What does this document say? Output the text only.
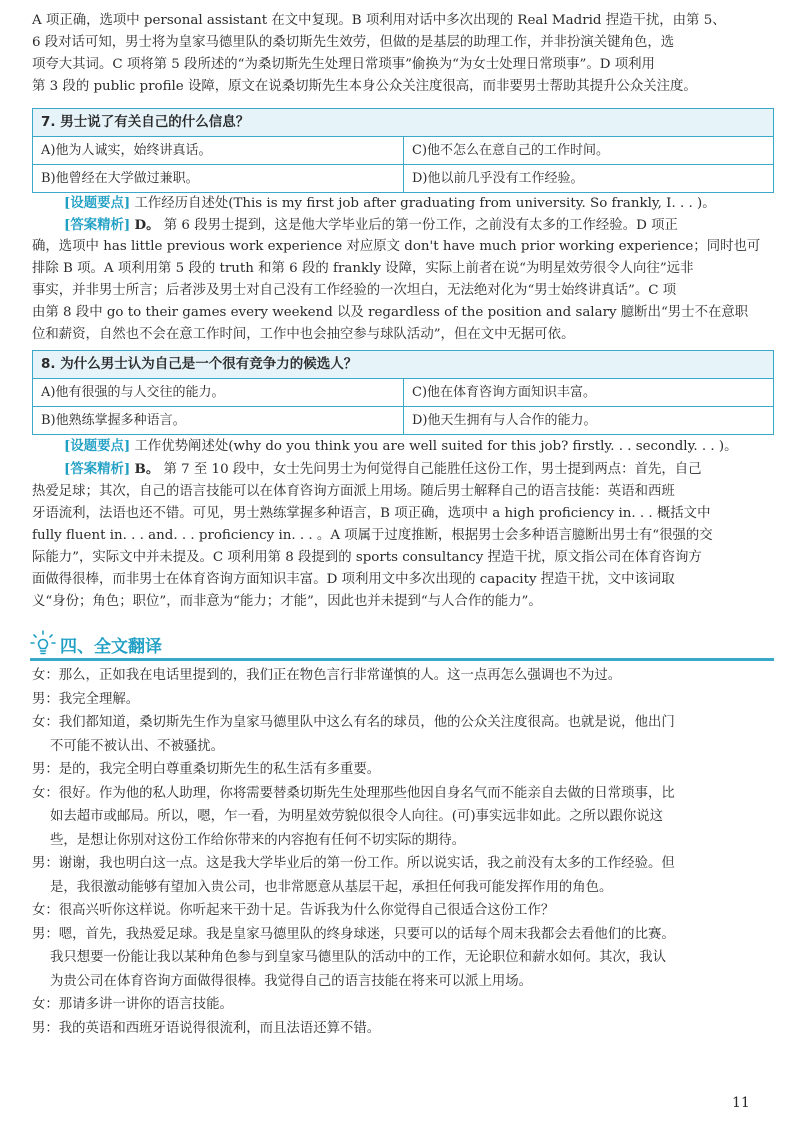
A 项正确，选项中 personal assistant 在文中复现。B 项利用对话中多次出现的 Real Madrid 捏造干扰，由第 5、
6 段对话可知，男士将为皇家马德里队的桑切斯先生效劳，但做的是基层的助理工作，并非扮演关键角色，选
项夸大其词。C 项将第 5 段所述的“为桑切斯先生处理日常琐事”偷换为“为女士处理日常琐事”。D 项利用
第 3 段的 public profile 设障，原文在说桑切斯先生本身公众关注度很高，而非要男士帮助其提升公众关注度。

7. 男士说了有关自己的什么信息？
A)他为人诚实，始终讲真话。	C)他不怎么在意自己的工作时间。
B)他曾经在大学做过兼职。	D)他以前几乎没有工作经验。

[设题要点] 工作经历自述处(This is my first job after graduating from university. So frankly, I. . . )。

[答案精析] D。 第 6 段男士提到，这是他大学毕业后的第一份工作，之前没有太多的工作经验。D 项正

确，选项中 has little previous work experience 对应原文 don't have much prior working experience；同时也可
排除 B 项。A 项利用第 5 段的 truth 和第 6 段的 frankly 设障，实际上前者在说“为明星效劳很令人向往”远非
事实，并非男士所言；后者涉及男士对自己没有工作经验的一次坦白，无法绝对化为“男士始终讲真话”。C 项
由第 8 段中 go to their games every weekend 以及 regardless of the position and salary 臆断出“男士不在意职
位和薪资，自然也不会在意工作时间，工作中也会抽空参与球队活动”，但在文中无据可依。

8. 为什么男士认为自己是一个很有竞争力的候选人？
A)他有很强的与人交往的能力。	C)他在体育咨询方面知识丰富。
B)他熟练掌握多种语言。	D)他天生拥有与人合作的能力。

[设题要点] 工作优势阐述处(why do you think you are well suited for this job? firstly. . . secondly. . . )。

[答案精析] B。 第 7 至 10 段中，女士先问男士为何觉得自己能胜任这份工作，男士提到两点：首先，自己

热爱足球；其次，自己的语言技能可以在体育咨询方面派上用场。随后男士解释自己的语言技能：英语和西班
牙语流利，法语也还不错。可见，男士熟练掌握多种语言，B 项正确，选项中 a high proficiency in. . . 概括文中
fully fluent in. . . and. . . proficiency in. . . 。A 项属于过度推断，根据男士会多种语言臆断出男士有“很强的交
际能力”，实际文中并未提及。C 项利用第 8 段提到的 sports consultancy 捏造干扰，原文指公司在体育咨询方
面做得很棒，而非男士在体育咨询方面知识丰富。D 项利用文中多次出现的 capacity 捏造干扰，文中该词取
义“身份；角色；职位”，而非意为“能力；才能”，因此也并未提到“与人合作的能力”。

四、全文翻译
女：那么，正如我在电话里提到的，我们正在物色言行非常谨慎的人。这一点再怎么强调也不为过。
男：我完全理解。
女：我们都知道，桑切斯先生作为皇家马德里队中这么有名的球员，他的公众关注度很高。也就是说，他出门
不可能不被认出、不被骚扰。
男：是的，我完全明白尊重桑切斯先生的私生活有多重要。
女：很好。作为他的私人助理，你将需要替桑切斯先生处理那些他因自身名气而不能亲自去做的日常琐事，比
如去超市或邮局。所以，嗯，乍一看，为明星效劳貌似很令人向往。(可)事实远非如此。之所以跟你说这
些，是想让你别对这份工作给你带来的内容抱有任何不切实际的期待。
男：谢谢，我也明白这一点。这是我大学毕业后的第一份工作。所以说实话，我之前没有太多的工作经验。但
是，我很激动能够有望加入贵公司，也非常愿意从基层干起，承担任何我可能发挥作用的角色。
女：很高兴听你这样说。你听起来干劲十足。告诉我为什么你觉得自己很适合这份工作？
男：嗯，首先，我热爱足球。我是皇家马德里队的终身球迷，只要可以的话每个周末我都会去看他们的比赛。
我只想要一份能让我以某种角色参与到皇家马德里队的活动中的工作，无论职位和薪水如何。其次，我认
为贵公司在体育咨询方面做得很棒。我觉得自己的语言技能在将来可以派上用场。
女：那请多讲一讲你的语言技能。
男：我的英语和西班牙语说得很流利，而且法语还算不错。
11
